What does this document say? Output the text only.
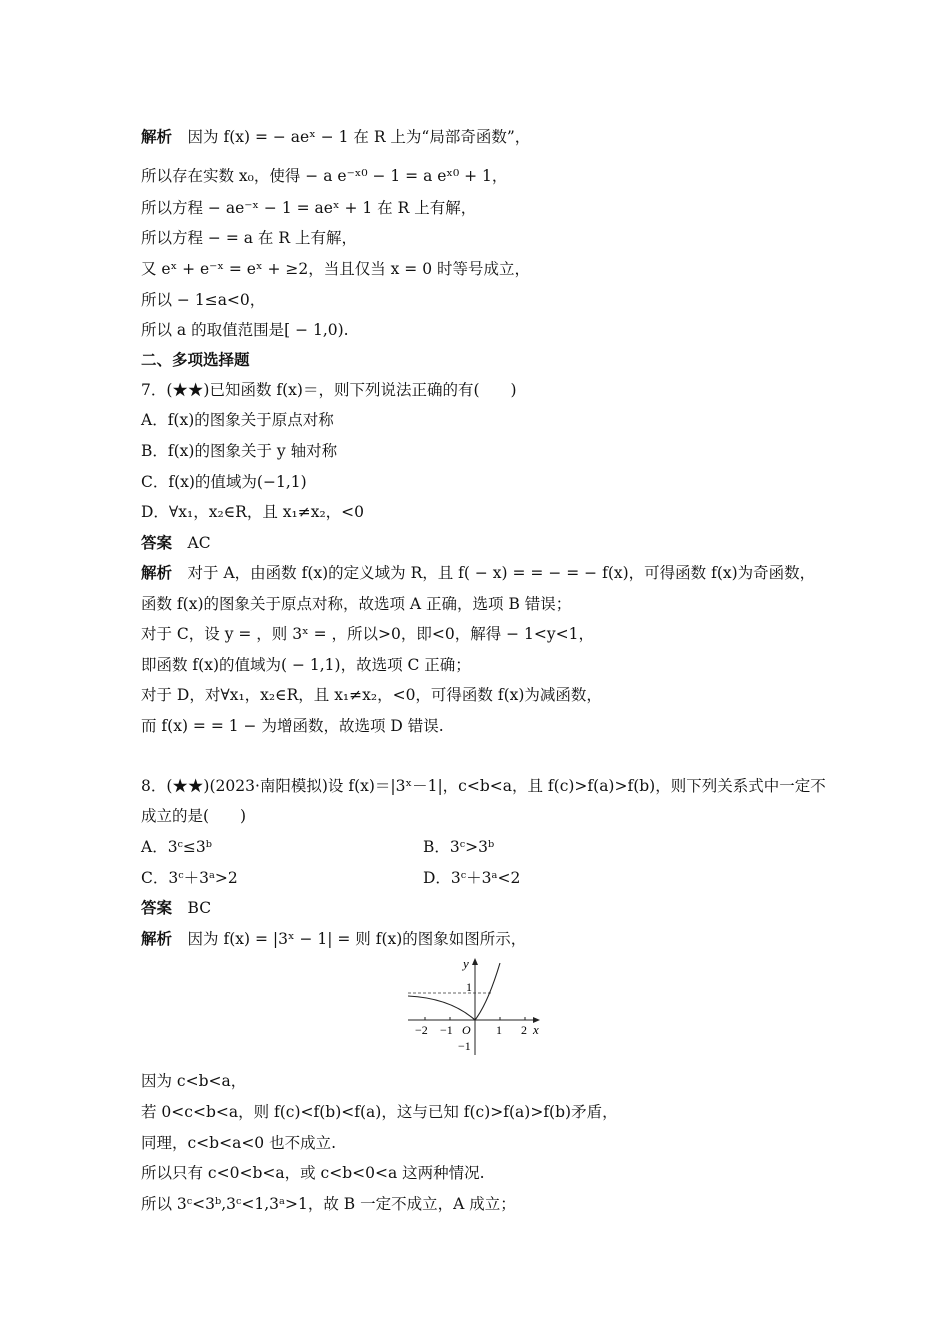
解析　 因为 f(x) = − aeˣ − 1 在 R 上为“局部奇函数”，
所以存在实数 x₀，使得 − a e⁻ˣ⁰ − 1 = a eˣ⁰ + 1，
所以方程 − ae⁻ˣ − 1 = aeˣ + 1 在 R 上有解，
所以方程 − = a 在 R 上有解，
又 eˣ + e⁻ˣ = eˣ + ≥2，当且仅当 x = 0 时等号成立，
所以 − 1≤a<0，
所以 a 的取值范围是[ − 1,0).
二、多项选择题
7．(★★)已知函数 f(x)＝，则下列说法正确的有(　　)
A．f(x)的图象关于原点对称
B．f(x)的图象关于 y 轴对称
C．f(x)的值域为(−1,1)
D．∀x₁，x₂∈R，且 x₁≠x₂，<0
答案　 AC
解析　 对于 A，由函数 f(x)的定义域为 R，且 f( − x) = = − = − f(x)，可得函数 f(x)为奇函数，
函数 f(x)的图象关于原点对称，故选项 A 正确，选项 B 错误；
对于 C，设 y = ，则 3ˣ = ，所以>0，即<0，解得 − 1<y<1，
即函数 f(x)的值域为( − 1,1)，故选项 C 正确；
对于 D，对∀x₁，x₂∈R，且 x₁≠x₂，<0，可得函数 f(x)为减函数，
而 f(x) = = 1 − 为增函数，故选项 D 错误.
8．(★★)(2023·南阳模拟)设 f(x)＝|3ˣ－1|，c<b<a，且 f(c)>f(a)>f(b)，则下列关系式中一定不
成立的是(　　)
A．3ᶜ≤3ᵇ	B．3ᶜ>3ᵇ
C．3ᶜ＋3ᵃ>2	D．3ᶜ＋3ᵃ<2
答案　 BC
解析　 因为 f(x) = |3ˣ − 1| = 则 f(x)的图象如图所示，
y
1
−2 −1 O 1 2 x
−1
因为 c<b<a，
若 0<c<b<a，则 f(c)<f(b)<f(a)，这与已知 f(c)>f(a)>f(b)矛盾，
同理，c<b<a<0 也不成立.
所以只有 c<0<b<a，或 c<b<0<a 这两种情况.
所以 3ᶜ<3ᵇ,3ᶜ<1,3ᵃ>1，故 B 一定不成立，A 成立；
